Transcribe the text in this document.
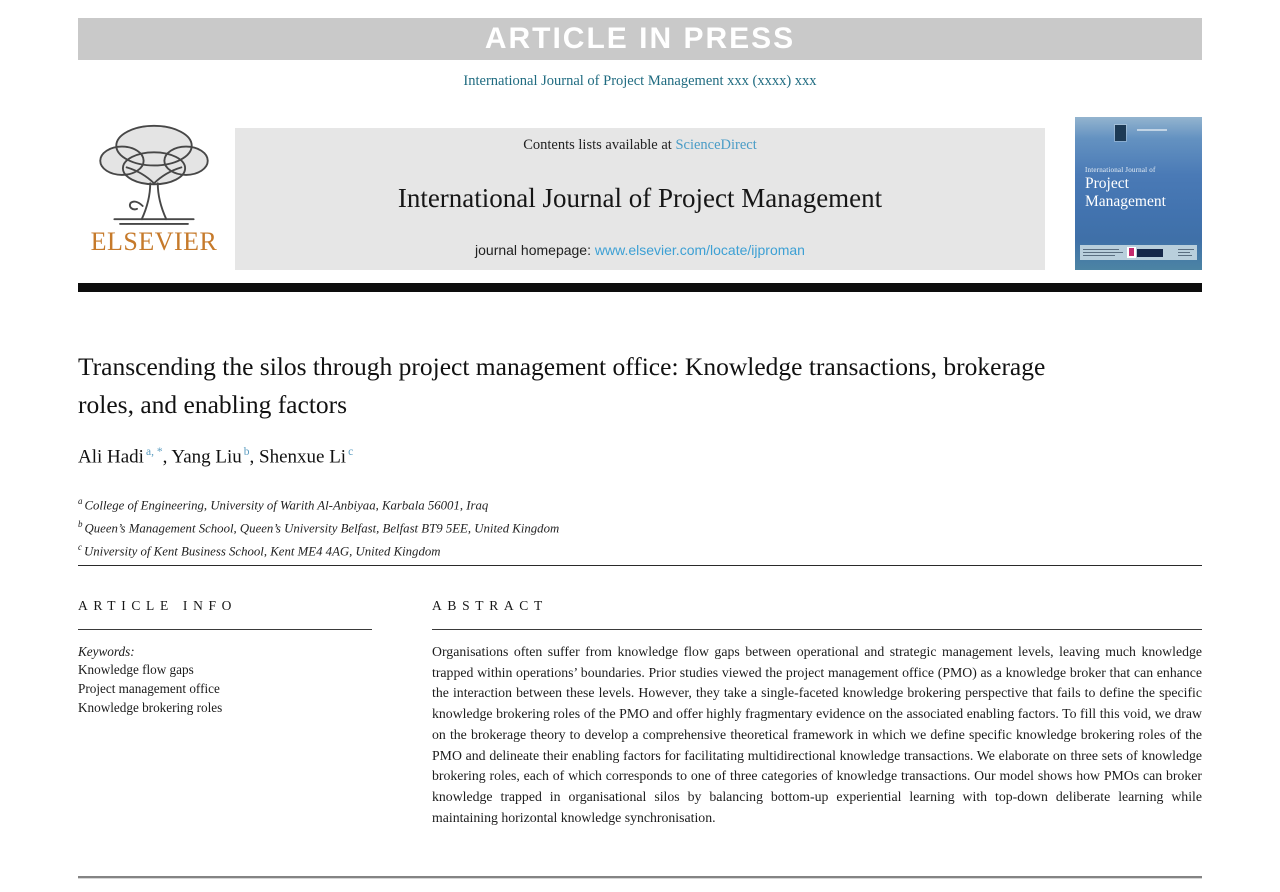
ARTICLE IN PRESS
International Journal of Project Management xxx (xxxx) xxx
ELSEVIER
Contents lists available at ScienceDirect
International Journal of Project Management
journal homepage: www.elsevier.com/locate/ijproman
International Journal of
Project Management
Transcending the silos through project management office: Knowledge transactions, brokerage roles, and enabling factors
Ali Hadi $^{a, *}$, Yang Liu $^b$, Shenxue Li $^c$
$^a$ College of Engineering, University of Warith Al-Anbiyaa, Karbala 56001, Iraq
$^b$ Queen’s Management School, Queen’s University Belfast, Belfast BT9 5EE, United Kingdom
$^c$ University of Kent Business School, Kent ME4 4AG, United Kingdom
ARTICLE INFO
Keywords:
Knowledge flow gaps
Project management office
Knowledge brokering roles
ABSTRACT

Organisations often suffer from knowledge flow gaps between operational and strategic management levels, leaving much knowledge trapped within operations’ boundaries. Prior studies viewed the project management office (PMO) as a knowledge broker that can enhance the interaction between these levels. However, they take a single-faceted knowledge brokering perspective that fails to define the specific knowledge brokering roles of the PMO and offer highly fragmentary evidence on the associated enabling factors. To fill this void, we draw on the brokerage theory to develop a comprehensive theoretical framework in which we define specific knowledge brokering roles of the PMO and delineate their enabling factors for facilitating multidirectional knowledge transactions. We elaborate on three sets of knowledge brokering roles, each of which corresponds to one of three categories of knowledge transactions. Our model shows how PMOs can broker knowledge trapped in organisational silos by balancing bottom-up experiential learning with top-down deliberate learning while maintaining horizontal knowledge synchronisation.
